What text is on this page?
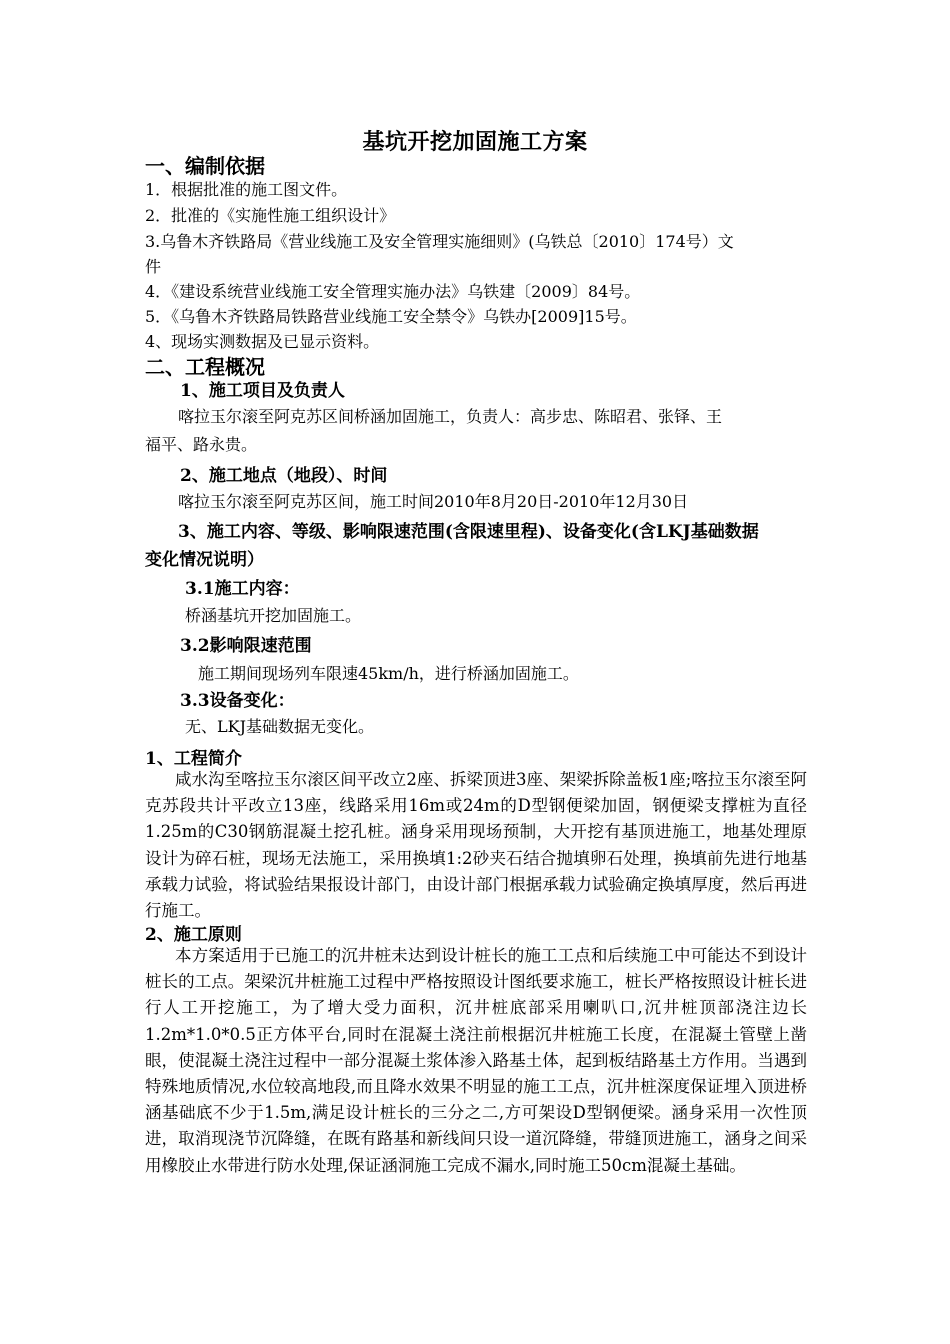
基坑开挖加固施工方案
一、编制依据
1．根据批准的施工图文件。
2．批准的《实施性施工组织设计》
3.乌鲁木齐铁路局《营业线施工及安全管理实施细则》(乌铁总〔2010〕174号）文
件
4．《建设系统营业线施工安全管理实施办法》乌铁建〔2009〕84号。
5．《乌鲁木齐铁路局铁路营业线施工安全禁令》乌铁办[2009]15号。
4、现场实测数据及已显示资料。
二、工程概况
1、施工项目及负责人
喀拉玉尔滚至阿克苏区间桥涵加固施工，负责人：高步忠、陈昭君、张铎、王
福平、路永贵。
2、施工地点（地段）、时间
喀拉玉尔滚至阿克苏区间，施工时间2010年8月20日-2010年12月30日
3、施工内容、等级、影响限速范围(含限速里程)、设备变化(含LKJ基础数据
变化情况说明）
3.1施工内容：
桥涵基坑开挖加固施工。
3.2影响限速范围
施工期间现场列车限速45km/h，进行桥涵加固施工。
3.3设备变化：
无、LKJ基础数据无变化。
1、工程简介
咸水沟至喀拉玉尔滚区间平改立2座、拆梁顶进3座、架梁拆除盖板1座;喀拉玉尔滚至阿克苏段共计平改立13座，线路采用16m或24m的D型钢便梁加固，钢便梁支撑桩为直径1.25m的C30钢筋混凝土挖孔桩。涵身采用现场预制，大开挖有基顶进施工，地基处理原设计为碎石桩，现场无法施工，采用换填1:2砂夹石结合抛填卵石处理，换填前先进行地基承载力试验，将试验结果报设计部门，由设计部门根据承载力试验确定换填厚度，然后再进行施工。
2、施工原则
本方案适用于已施工的沉井桩未达到设计桩长的施工工点和后续施工中可能达不到设计桩长的工点。架梁沉井桩施工过程中严格按照设计图纸要求施工，桩长严格按照设计桩长进行人工开挖施工，为了增大受力面积，沉井桩底部采用喇叭口,沉井桩顶部浇注边长1.2m*1.0*0.5正方体平台,同时在混凝土浇注前根据沉井桩施工长度，在混凝土管壁上凿眼，使混凝土浇注过程中一部分混凝土浆体渗入路基土体，起到板结路基土方作用。当遇到特殊地质情况,水位较高地段,而且降水效果不明显的施工工点，沉井桩深度保证埋入顶进桥涵基础底不少于1.5m,满足设计桩长的三分之二,方可架设D型钢便梁。涵身采用一次性顶进，取消现浇节沉降缝，在既有路基和新线间只设一道沉降缝，带缝顶进施工，涵身之间采用橡胶止水带进行防水处理,保证涵洞施工完成不漏水,同时施工50cm混凝土基础。
